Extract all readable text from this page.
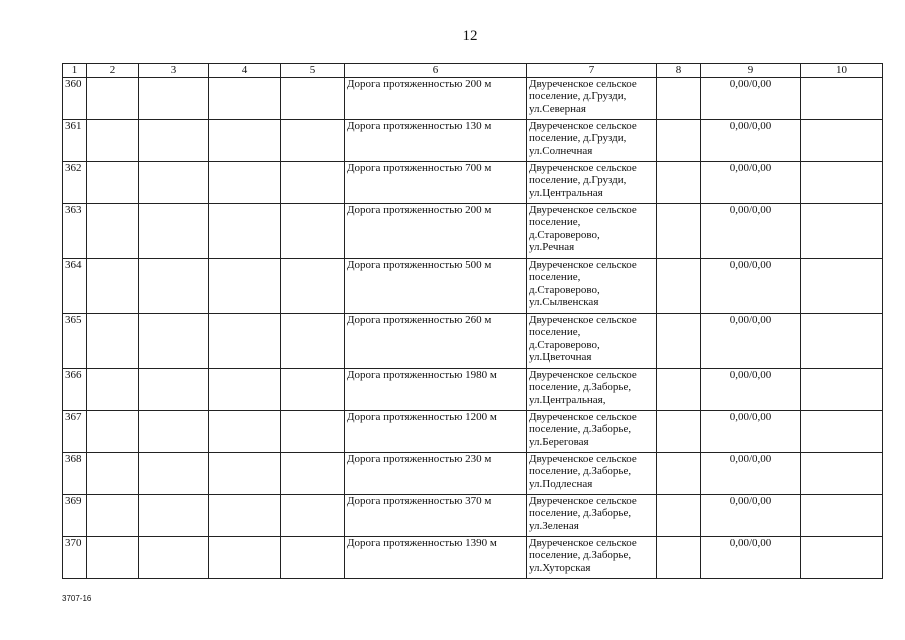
12
1	2	3	4	5	6	7	8	9	10
360					Дорога протяженностью 200 м	Двуреченское сельское
поселение, д.Грузди,
ул.Северная		0,00/0,00	
361					Дорога протяженностью 130 м	Двуреченское сельское
поселение, д.Грузди,
ул.Солнечная		0,00/0,00	
362					Дорога протяженностью 700 м	Двуреченское сельское
поселение, д.Грузди,
ул.Центральная		0,00/0,00	
363					Дорога протяженностью 200 м	Двуреченское сельское
поселение,
д.Староверово,
ул.Речная		0,00/0,00	
364					Дорога протяженностью 500 м	Двуреченское сельское
поселение,
д.Староверово,
ул.Сылвенская		0,00/0,00	
365					Дорога протяженностью 260 м	Двуреченское сельское
поселение,
д.Староверово,
ул.Цветочная		0,00/0,00	
366					Дорога протяженностью 1980 м	Двуреченское сельское
поселение, д.Заборье,
ул.Центральная,		0,00/0,00	
367					Дорога протяженностью 1200 м	Двуреченское сельское
поселение, д.Заборье,
ул.Береговая		0,00/0,00	
368					Дорога протяженностью 230 м	Двуреченское сельское
поселение, д.Заборье,
ул.Подлесная		0,00/0,00	
369					Дорога протяженностью 370 м	Двуреченское сельское
поселение, д.Заборье,
ул.Зеленая		0,00/0,00	
370					Дорога протяженностью 1390 м	Двуреченское сельское
поселение, д.Заборье,
ул.Хуторская		0,00/0,00	
3707-16
